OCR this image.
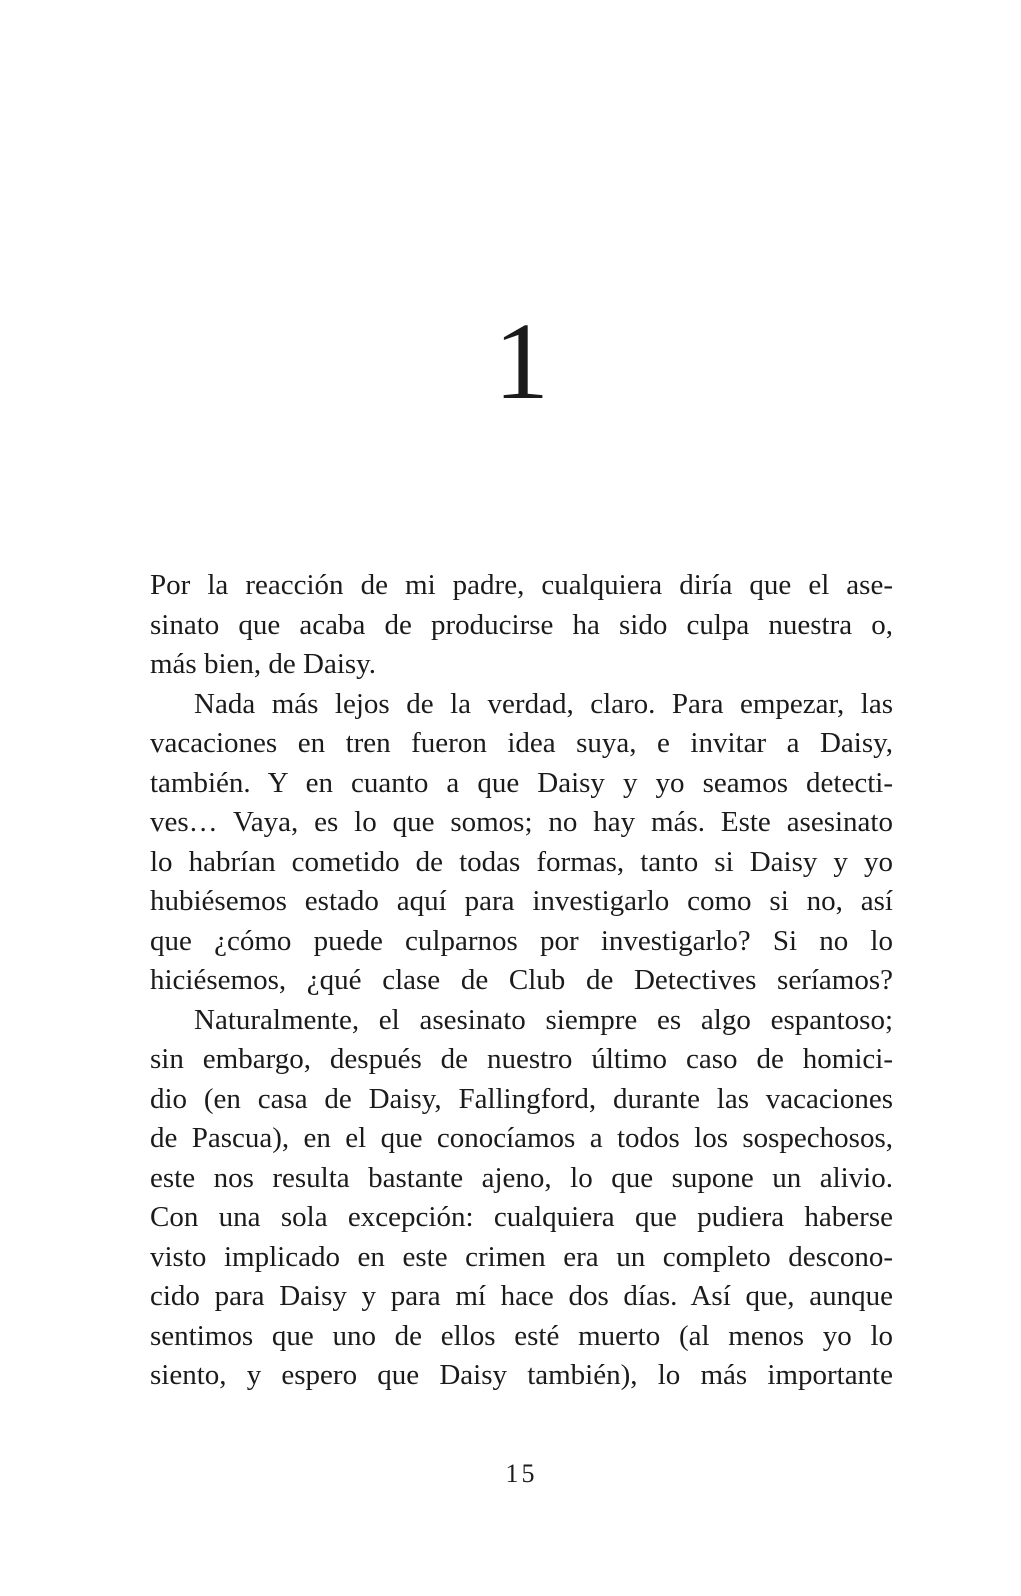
1
Por la reacción de mi padre, cualquiera diría que el ase-
sinato que acaba de producirse ha sido culpa nuestra o,
más bien, de Daisy.
Nada más lejos de la verdad, claro. Para empezar, las
vacaciones en tren fueron idea suya, e invitar a Daisy,
también. Y en cuanto a que Daisy y yo seamos detecti-
ves… Vaya, es lo que somos; no hay más. Este asesinato
lo habrían cometido de todas formas, tanto si Daisy y yo
hubiésemos estado aquí para investigarlo como si no, así
que ¿cómo puede culparnos por investigarlo? Si no lo
hiciésemos, ¿qué clase de Club de Detectives seríamos?
Naturalmente, el asesinato siempre es algo espantoso;
sin embargo, después de nuestro último caso de homici-
dio (en casa de Daisy, Fallingford, durante las vacaciones
de Pascua), en el que conocíamos a todos los sospechosos,
este nos resulta bastante ajeno, lo que supone un alivio.
Con una sola excepción: cualquiera que pudiera haberse
visto implicado en este crimen era un completo descono-
cido para Daisy y para mí hace dos días. Así que, aunque
sentimos que uno de ellos esté muerto (al menos yo lo
siento, y espero que Daisy también), lo más importante
15
